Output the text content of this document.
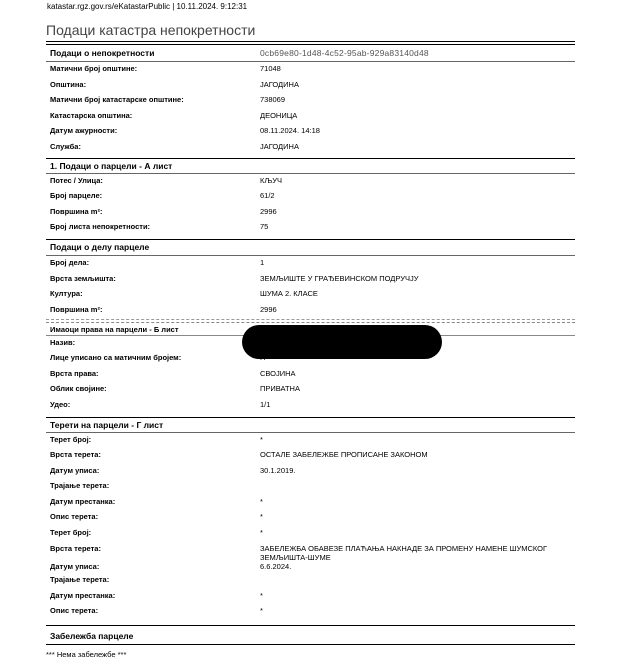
katastar.rgz.gov.rs/eKatastarPublic | 10.11.2024. 9:12:31
Подаци катастра непокретности
Подаци о непокретности	0cb69e80-1d48-4c52-95ab-929a83140d48
Матични број општине:	71048
Општина:	ЈАГОДИНА
Матични број катастарске општине:	738069
Катастарска општина:	ДЕОНИЦА
Датум ажурности:	08.11.2024. 14:18
Служба:	ЈАГОДИНА
1. Подаци о парцели - А лист
Потес / Улица:	КЉУЧ
Број парцеле:	61/2
Површина m²:	2996
Број листа непокретности:	75
Подаци о делу парцеле
Број дела:	1
Врста земљишта:	ЗЕМЉИШТЕ У ГРАЂЕВИНСКОМ ПОДРУЧЈУ
Култура:	ШУМА 2. КЛАСЕ
Површина m²:	2996
Имаоци права на парцели - Б лист
Назив:
Лице уписано са матичним бројем:
Врста права:	СВОЈИНА
Облик својине:	ПРИВАТНА
Удео:	1/1
Терети на парцели - Г лист
Терет број:	*
Врста терета:	ОСТАЛЕ ЗАБЕЛЕЖБЕ ПРОПИСАНЕ ЗАКОНОМ
Датум уписа:	30.1.2019.
Трајање терета:
Датум престанка:	*
Опис терета:	*
Терет број:	*
Врста терета:	ЗАБЕЛЕЖБА ОБАВЕЗЕ ПЛАЋАЊА НАКНАДЕ ЗА ПРОМЕНУ НАМЕНЕ ШУМСКОГ ЗЕМЉИШТА-ШУМЕ
Датум уписа:	6.6.2024.
Трајање терета:
Датум престанка:	*
Опис терета:	*
Забележба парцеле
*** Нема забележбе ***
